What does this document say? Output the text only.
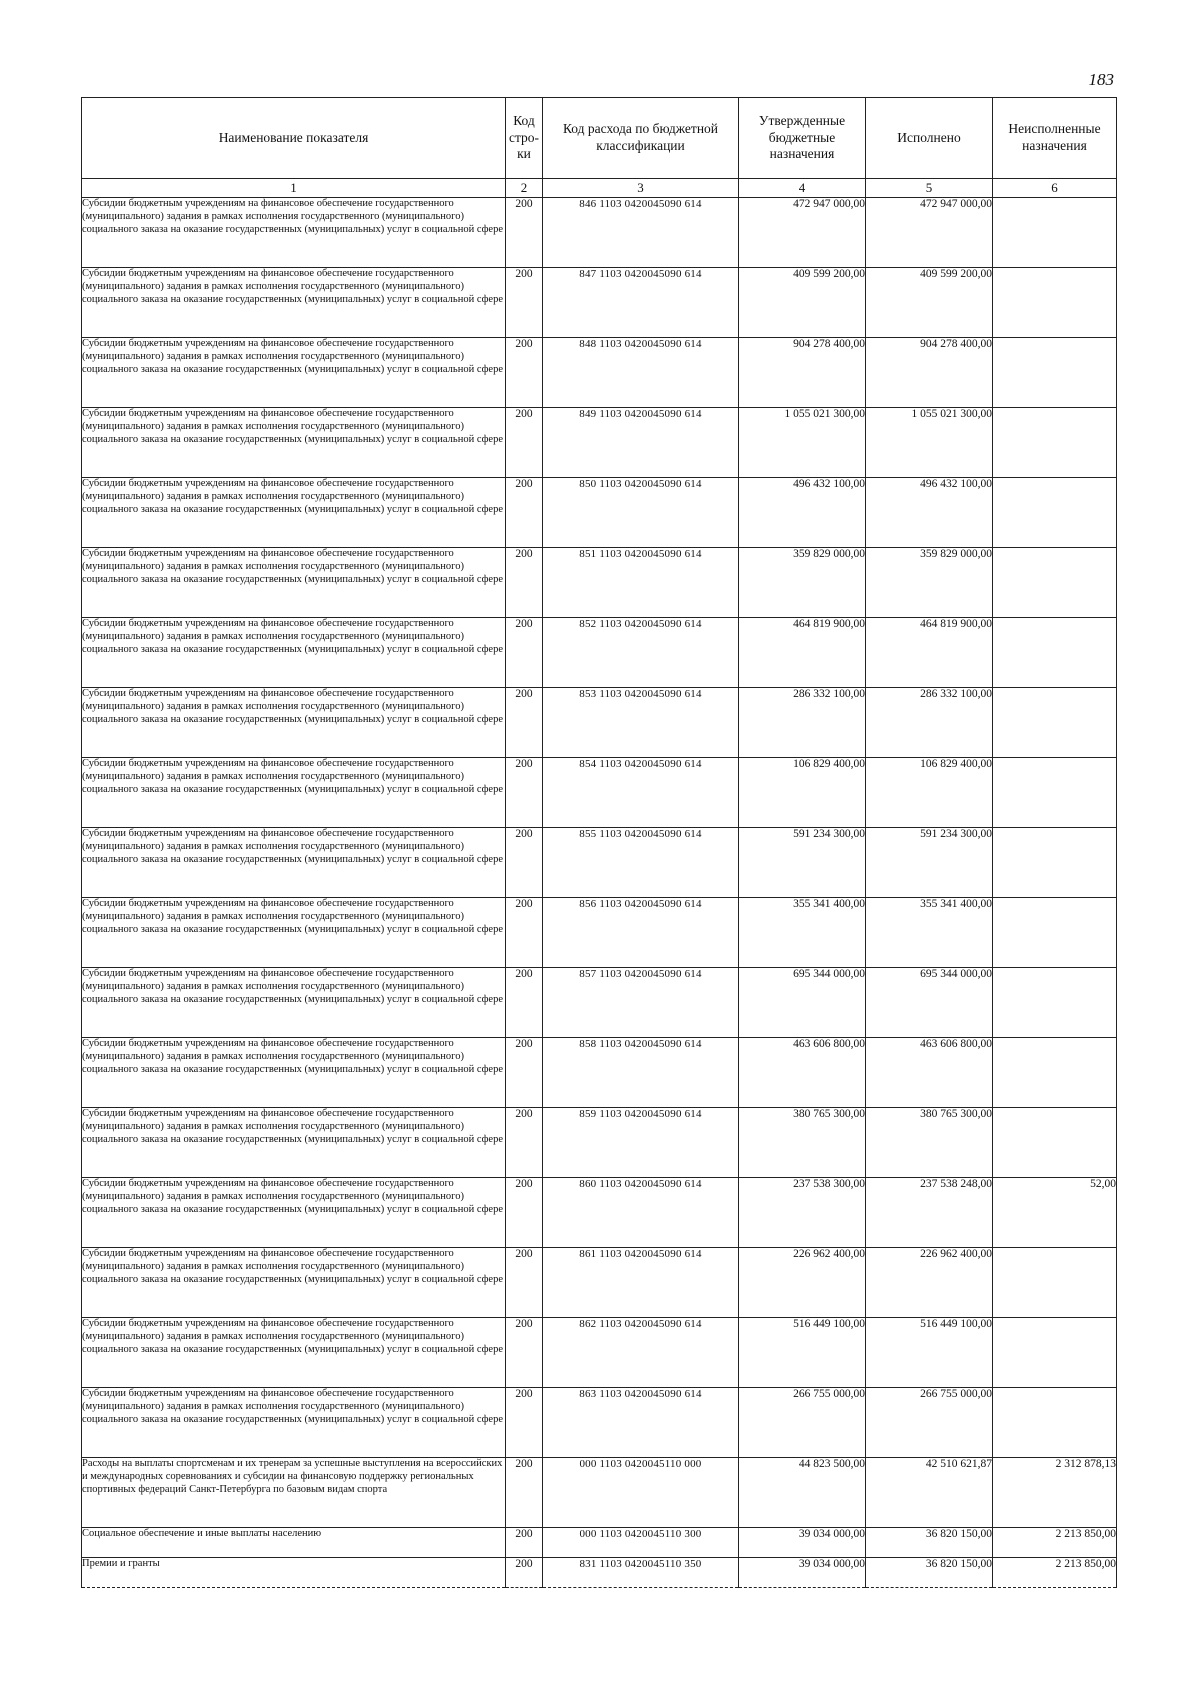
183
Наименование показателя	Код стро-ки	Код расхода по бюджетной классификации	Утвержденные бюджетные назначения	Исполнено	Неисполненные назначения
1	2	3	4	5	6
Субсидии бюджетным учреждениям на финансовое обеспечение государственного (муниципального) задания в рамках исполнения государственного (муниципального) социального заказа на оказание государственных (муниципальных) услуг в социальной сфере	200	846 1103 0420045090 614	472 947 000,00	472 947 000,00	
Субсидии бюджетным учреждениям на финансовое обеспечение государственного (муниципального) задания в рамках исполнения государственного (муниципального) социального заказа на оказание государственных (муниципальных) услуг в социальной сфере	200	847 1103 0420045090 614	409 599 200,00	409 599 200,00	
Субсидии бюджетным учреждениям на финансовое обеспечение государственного (муниципального) задания в рамках исполнения государственного (муниципального) социального заказа на оказание государственных (муниципальных) услуг в социальной сфере	200	848 1103 0420045090 614	904 278 400,00	904 278 400,00	
Субсидии бюджетным учреждениям на финансовое обеспечение государственного (муниципального) задания в рамках исполнения государственного (муниципального) социального заказа на оказание государственных (муниципальных) услуг в социальной сфере	200	849 1103 0420045090 614	1 055 021 300,00	1 055 021 300,00	
Субсидии бюджетным учреждениям на финансовое обеспечение государственного (муниципального) задания в рамках исполнения государственного (муниципального) социального заказа на оказание государственных (муниципальных) услуг в социальной сфере	200	850 1103 0420045090 614	496 432 100,00	496 432 100,00	
Субсидии бюджетным учреждениям на финансовое обеспечение государственного (муниципального) задания в рамках исполнения государственного (муниципального) социального заказа на оказание государственных (муниципальных) услуг в социальной сфере	200	851 1103 0420045090 614	359 829 000,00	359 829 000,00	
Субсидии бюджетным учреждениям на финансовое обеспечение государственного (муниципального) задания в рамках исполнения государственного (муниципального) социального заказа на оказание государственных (муниципальных) услуг в социальной сфере	200	852 1103 0420045090 614	464 819 900,00	464 819 900,00	
Субсидии бюджетным учреждениям на финансовое обеспечение государственного (муниципального) задания в рамках исполнения государственного (муниципального) социального заказа на оказание государственных (муниципальных) услуг в социальной сфере	200	853 1103 0420045090 614	286 332 100,00	286 332 100,00	
Субсидии бюджетным учреждениям на финансовое обеспечение государственного (муниципального) задания в рамках исполнения государственного (муниципального) социального заказа на оказание государственных (муниципальных) услуг в социальной сфере	200	854 1103 0420045090 614	106 829 400,00	106 829 400,00	
Субсидии бюджетным учреждениям на финансовое обеспечение государственного (муниципального) задания в рамках исполнения государственного (муниципального) социального заказа на оказание государственных (муниципальных) услуг в социальной сфере	200	855 1103 0420045090 614	591 234 300,00	591 234 300,00	
Субсидии бюджетным учреждениям на финансовое обеспечение государственного (муниципального) задания в рамках исполнения государственного (муниципального) социального заказа на оказание государственных (муниципальных) услуг в социальной сфере	200	856 1103 0420045090 614	355 341 400,00	355 341 400,00	
Субсидии бюджетным учреждениям на финансовое обеспечение государственного (муниципального) задания в рамках исполнения государственного (муниципального) социального заказа на оказание государственных (муниципальных) услуг в социальной сфере	200	857 1103 0420045090 614	695 344 000,00	695 344 000,00	
Субсидии бюджетным учреждениям на финансовое обеспечение государственного (муниципального) задания в рамках исполнения государственного (муниципального) социального заказа на оказание государственных (муниципальных) услуг в социальной сфере	200	858 1103 0420045090 614	463 606 800,00	463 606 800,00	
Субсидии бюджетным учреждениям на финансовое обеспечение государственного (муниципального) задания в рамках исполнения государственного (муниципального) социального заказа на оказание государственных (муниципальных) услуг в социальной сфере	200	859 1103 0420045090 614	380 765 300,00	380 765 300,00	
Субсидии бюджетным учреждениям на финансовое обеспечение государственного (муниципального) задания в рамках исполнения государственного (муниципального) социального заказа на оказание государственных (муниципальных) услуг в социальной сфере	200	860 1103 0420045090 614	237 538 300,00	237 538 248,00	52,00
Субсидии бюджетным учреждениям на финансовое обеспечение государственного (муниципального) задания в рамках исполнения государственного (муниципального) социального заказа на оказание государственных (муниципальных) услуг в социальной сфере	200	861 1103 0420045090 614	226 962 400,00	226 962 400,00	
Субсидии бюджетным учреждениям на финансовое обеспечение государственного (муниципального) задания в рамках исполнения государственного (муниципального) социального заказа на оказание государственных (муниципальных) услуг в социальной сфере	200	862 1103 0420045090 614	516 449 100,00	516 449 100,00	
Субсидии бюджетным учреждениям на финансовое обеспечение государственного (муниципального) задания в рамках исполнения государственного (муниципального) социального заказа на оказание государственных (муниципальных) услуг в социальной сфере	200	863 1103 0420045090 614	266 755 000,00	266 755 000,00	
Расходы на выплаты спортсменам и их тренерам за успешные выступления на всероссийских и международных соревнованиях и субсидии на финансовую поддержку региональных спортивных федераций Санкт-Петербурга по базовым видам спорта	200	000 1103 0420045110 000	44 823 500,00	42 510 621,87	2 312 878,13
Социальное обеспечение и иные выплаты населению	200	000 1103 0420045110 300	39 034 000,00	36 820 150,00	2 213 850,00
Премии и гранты	200	831 1103 0420045110 350	39 034 000,00	36 820 150,00	2 213 850,00
